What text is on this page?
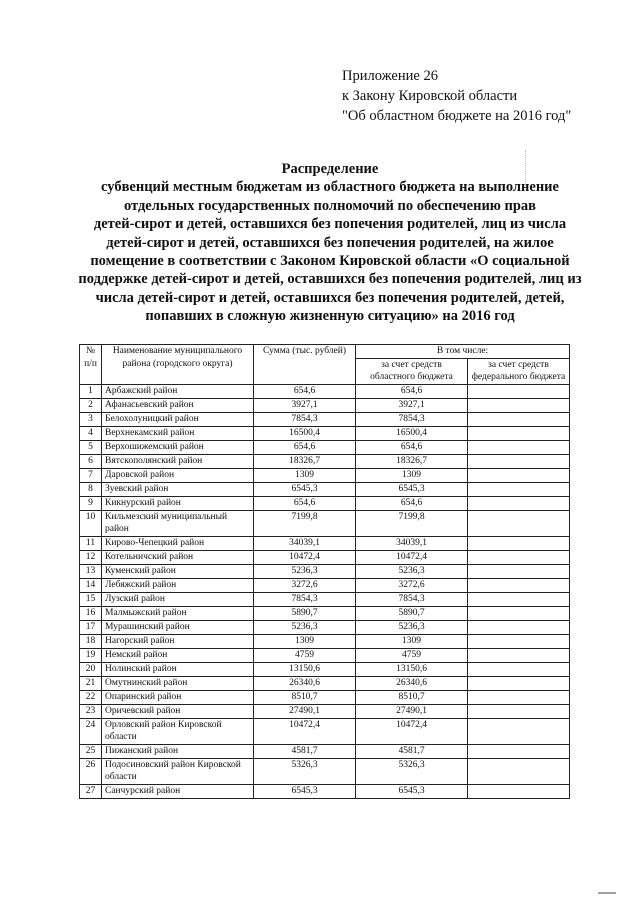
Приложение 26
к Закону Кировской области
"Об областном бюджете на 2016 год"
Распределение
субвенций местным бюджетам из областного бюджета на выполнение
отдельных государственных полномочий по обеспечению прав
детей-сирот и детей, оставшихся без попечения родителей, лиц из числа
детей-сирот и детей, оставшихся без попечения родителей, на жилое
помещение в соответствии с Законом Кировской области «О социальной
поддержке детей-сирот и детей, оставшихся без попечения родителей, лиц из
числа детей-сирот и детей, оставшихся без попечения родителей, детей,
попавших в сложную жизненную ситуацию» на 2016 год
№ п/п	Наименование муниципального района (городского округа)	Сумма (тыс. рублей)	В том числе:	
			за счет средств областного бюджета	за счет средств федерального бюджета
1	Арбажский район	654,6	654,6	
2	Афанасьевский район	3927,1	3927,1	
3	Белохолуницкий район	7854,3	7854,3	
4	Верхнекамский район	16500,4	16500,4	
5	Верхошижемский район	654,6	654,6	
6	Вятскополянский район	18326,7	18326,7	
7	Даровской район	1309	1309	
8	Зуевский район	6545,3	6545,3	
9	Кикнурский район	654,6	654,6	
10	Кильмезский муниципальный район	7199,8	7199,8	
11	Кирово-Чепецкий район	34039,1	34039,1	
12	Котельничский район	10472,4	10472,4	
13	Куменский район	5236,3	5236,3	
14	Лебяжский район	3272,6	3272,6	
15	Лузский район	7854,3	7854,3	
16	Малмыжский район	5890,7	5890,7	
17	Мурашинский район	5236,3	5236,3	
18	Нагорский район	1309	1309	
19	Немский район	4759	4759	
20	Нолинский район	13150,6	13150,6	
21	Омутнинский район	26340,6	26340,6	
22	Опаринский район	8510,7	8510,7	
23	Оричевский район	27490,1	27490,1	
24	Орловский район Кировской области	10472,4	10472,4	
25	Пижанский район	4581,7	4581,7	
26	Подосиновский район Кировской области	5326,3	5326,3	
27	Санчурский район	6545,3	6545,3	
